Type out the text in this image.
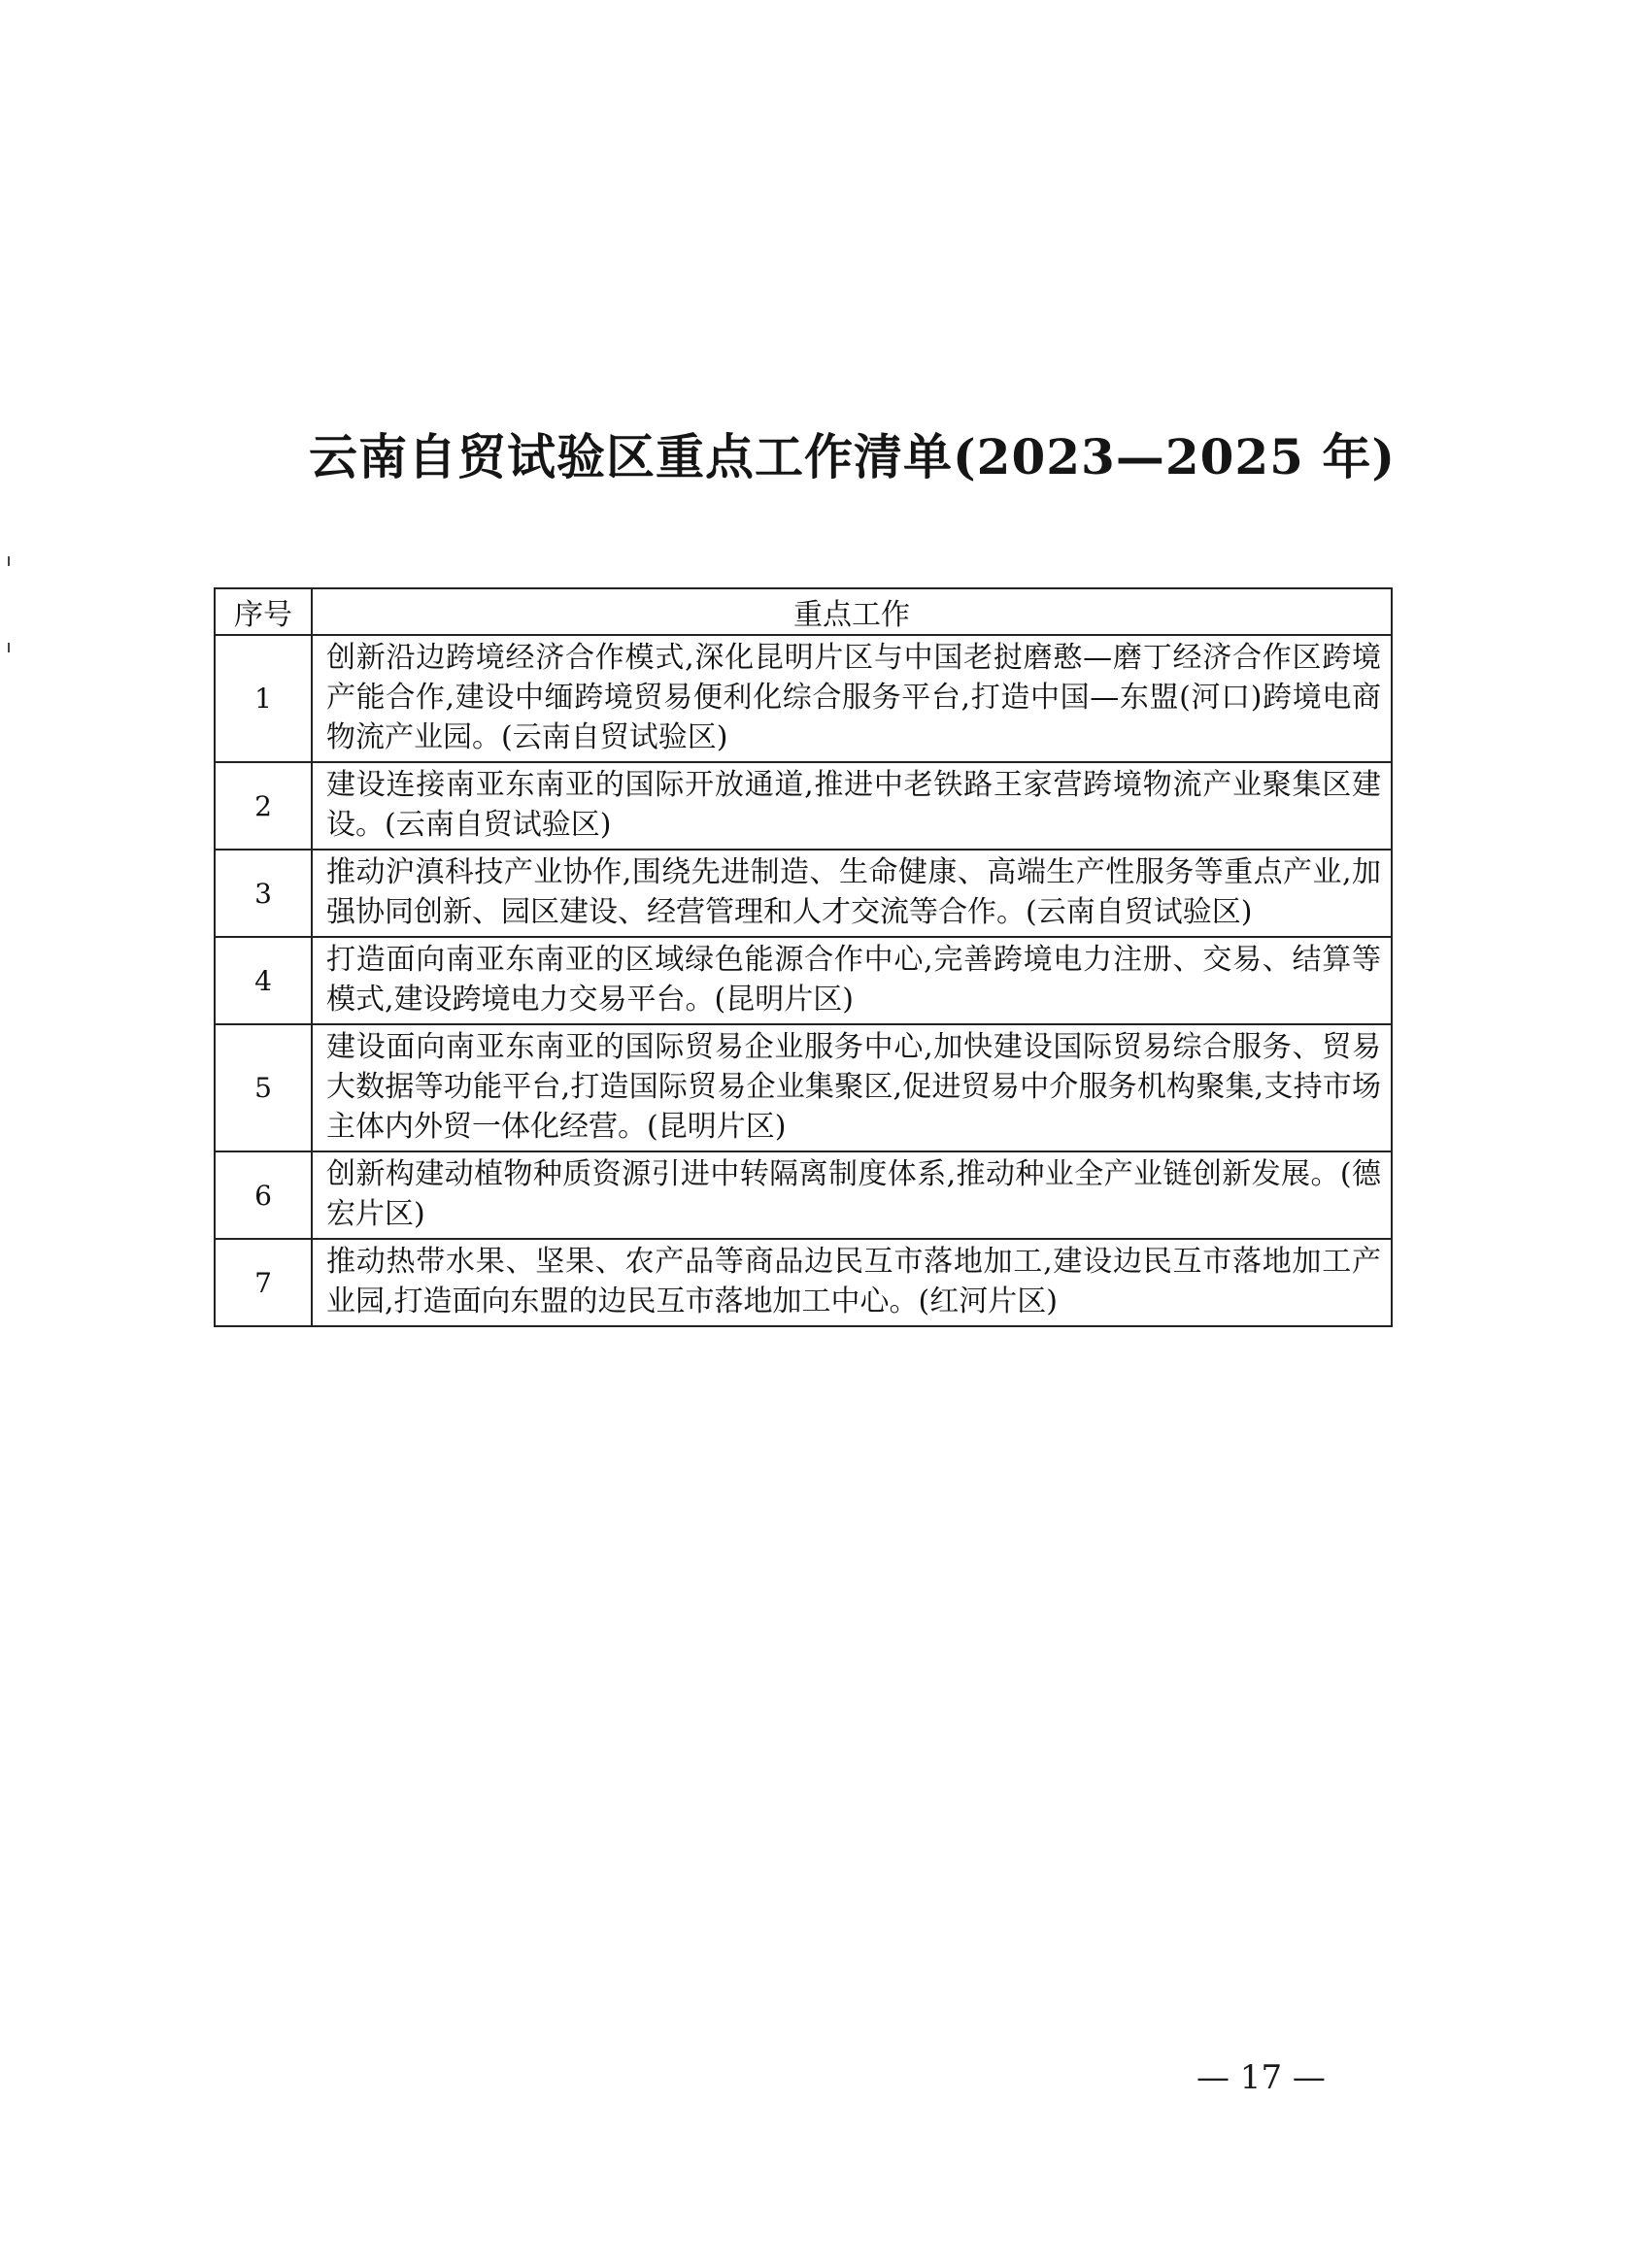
云南自贸试验区重点工作清单(2023—2025 年)
序号	重点工作
1	创新沿边跨境经济合作模式,深化昆明片区与中国老挝磨憨—磨丁经济合作区跨境产能合作,建设中缅跨境贸易便利化综合服务平台,打造中国—东盟(河口)跨境电商物流产业园。(云南自贸试验区)
2	建设连接南亚东南亚的国际开放通道,推进中老铁路王家营跨境物流产业聚集区建设。(云南自贸试验区)
3	推动沪滇科技产业协作,围绕先进制造、生命健康、高端生产性服务等重点产业,加强协同创新、园区建设、经营管理和人才交流等合作。(云南自贸试验区)
4	打造面向南亚东南亚的区域绿色能源合作中心,完善跨境电力注册、交易、结算等模式,建设跨境电力交易平台。(昆明片区)
5	建设面向南亚东南亚的国际贸易企业服务中心,加快建设国际贸易综合服务、贸易大数据等功能平台,打造国际贸易企业集聚区,促进贸易中介服务机构聚集,支持市场主体内外贸一体化经营。(昆明片区)
6	创新构建动植物种质资源引进中转隔离制度体系,推动种业全产业链创新发展。(德宏片区)
7	推动热带水果、坚果、农产品等商品边民互市落地加工,建设边民互市落地加工产业园,打造面向东盟的边民互市落地加工中心。(红河片区)
— 17 —
